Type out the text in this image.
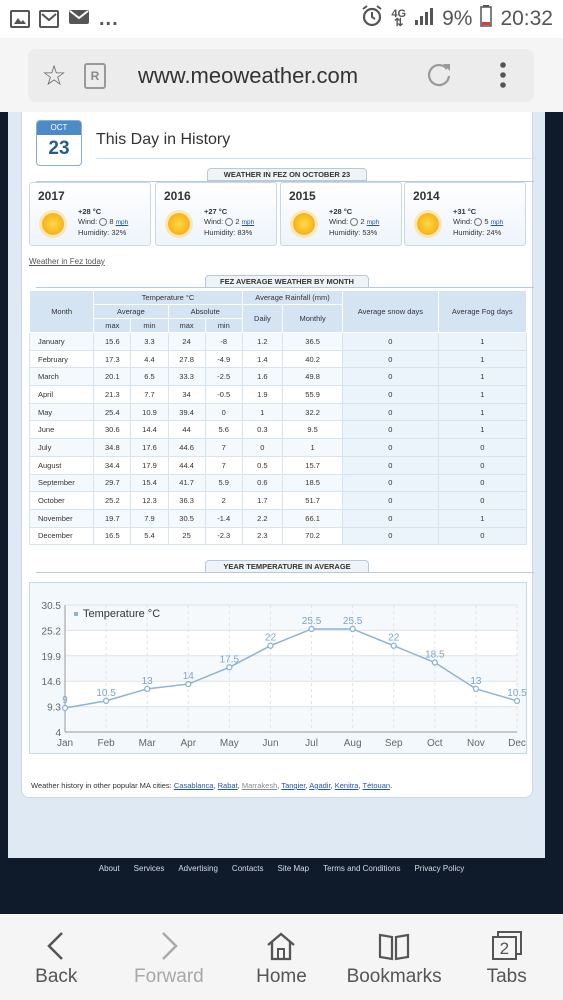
...	4G
⇅ 9% 20:32
☆	R	www.meoweather.com
OCT
23	This Day in History
WEATHER IN FEZ ON OCTOBER 23
2017
+28 °C
Wind: 8 mph
Humidity: 32%
2016
+27 °C
Wind: 2 mph
Humidity: 83%
2015
+28 °C
Wind: 2 mph
Humidity: 53%
2014
+31 °C
Wind: 5 mph
Humidity: 24%
Weather in Fez today
FEZ AVERAGE WEATHER BY MONTH
Month	Temperature °C				Average Rainfall (mm)		Average snow days	Average Fog days
	Average		Absolute		Daily	Monthly		
	max	min	max	min				
January	15.6	3.3	24	-8	1.2	36.5	0	1
February	17.3	4.4	27.8	-4.9	1.4	40.2	0	1
March	20.1	6.5	33.3	-2.5	1.6	49.8	0	1
April	21.3	7.7	34	-0.5	1.9	55.9	0	1
May	25.4	10.9	39.4	0	1	32.2	0	1
June	30.6	14.4	44	5.6	0.3	9.5	0	1
July	34.8	17.6	44.6	7	0	1	0	0
August	34.4	17.9	44.4	7	0.5	15.7	0	0
September	29.7	15.4	41.7	5.9	0.6	18.5	0	0
October	25.2	12.3	36.3	2	1.7	51.7	0	0
November	19.7	7.9	30.5	-1.4	2.2	66.1	0	1
December	16.5	5.4	25	-2.3	2.3	70.2	0	0
YEAR TEMPERATURE IN AVERAGE
4
9.3
14.6
19.9
25.2
30.5
Jan Feb Mar Apr May Jun	Jul	Aug Sep Oct Nov Dec
9
10.5
13	14
17.5
22
25.5 25.5
22
18.5
13
10.5
Temperature °C
Weather history in other popular MA cities: Casablanca, Rabat, Marrakesh, Tangier, Agadir, Kenitra, Tétouan.
About Services Advertising Contacts Site Map Terms and Conditions Privacy Policy
Back	Forward	Home	Bookmarks
2
Tabs
